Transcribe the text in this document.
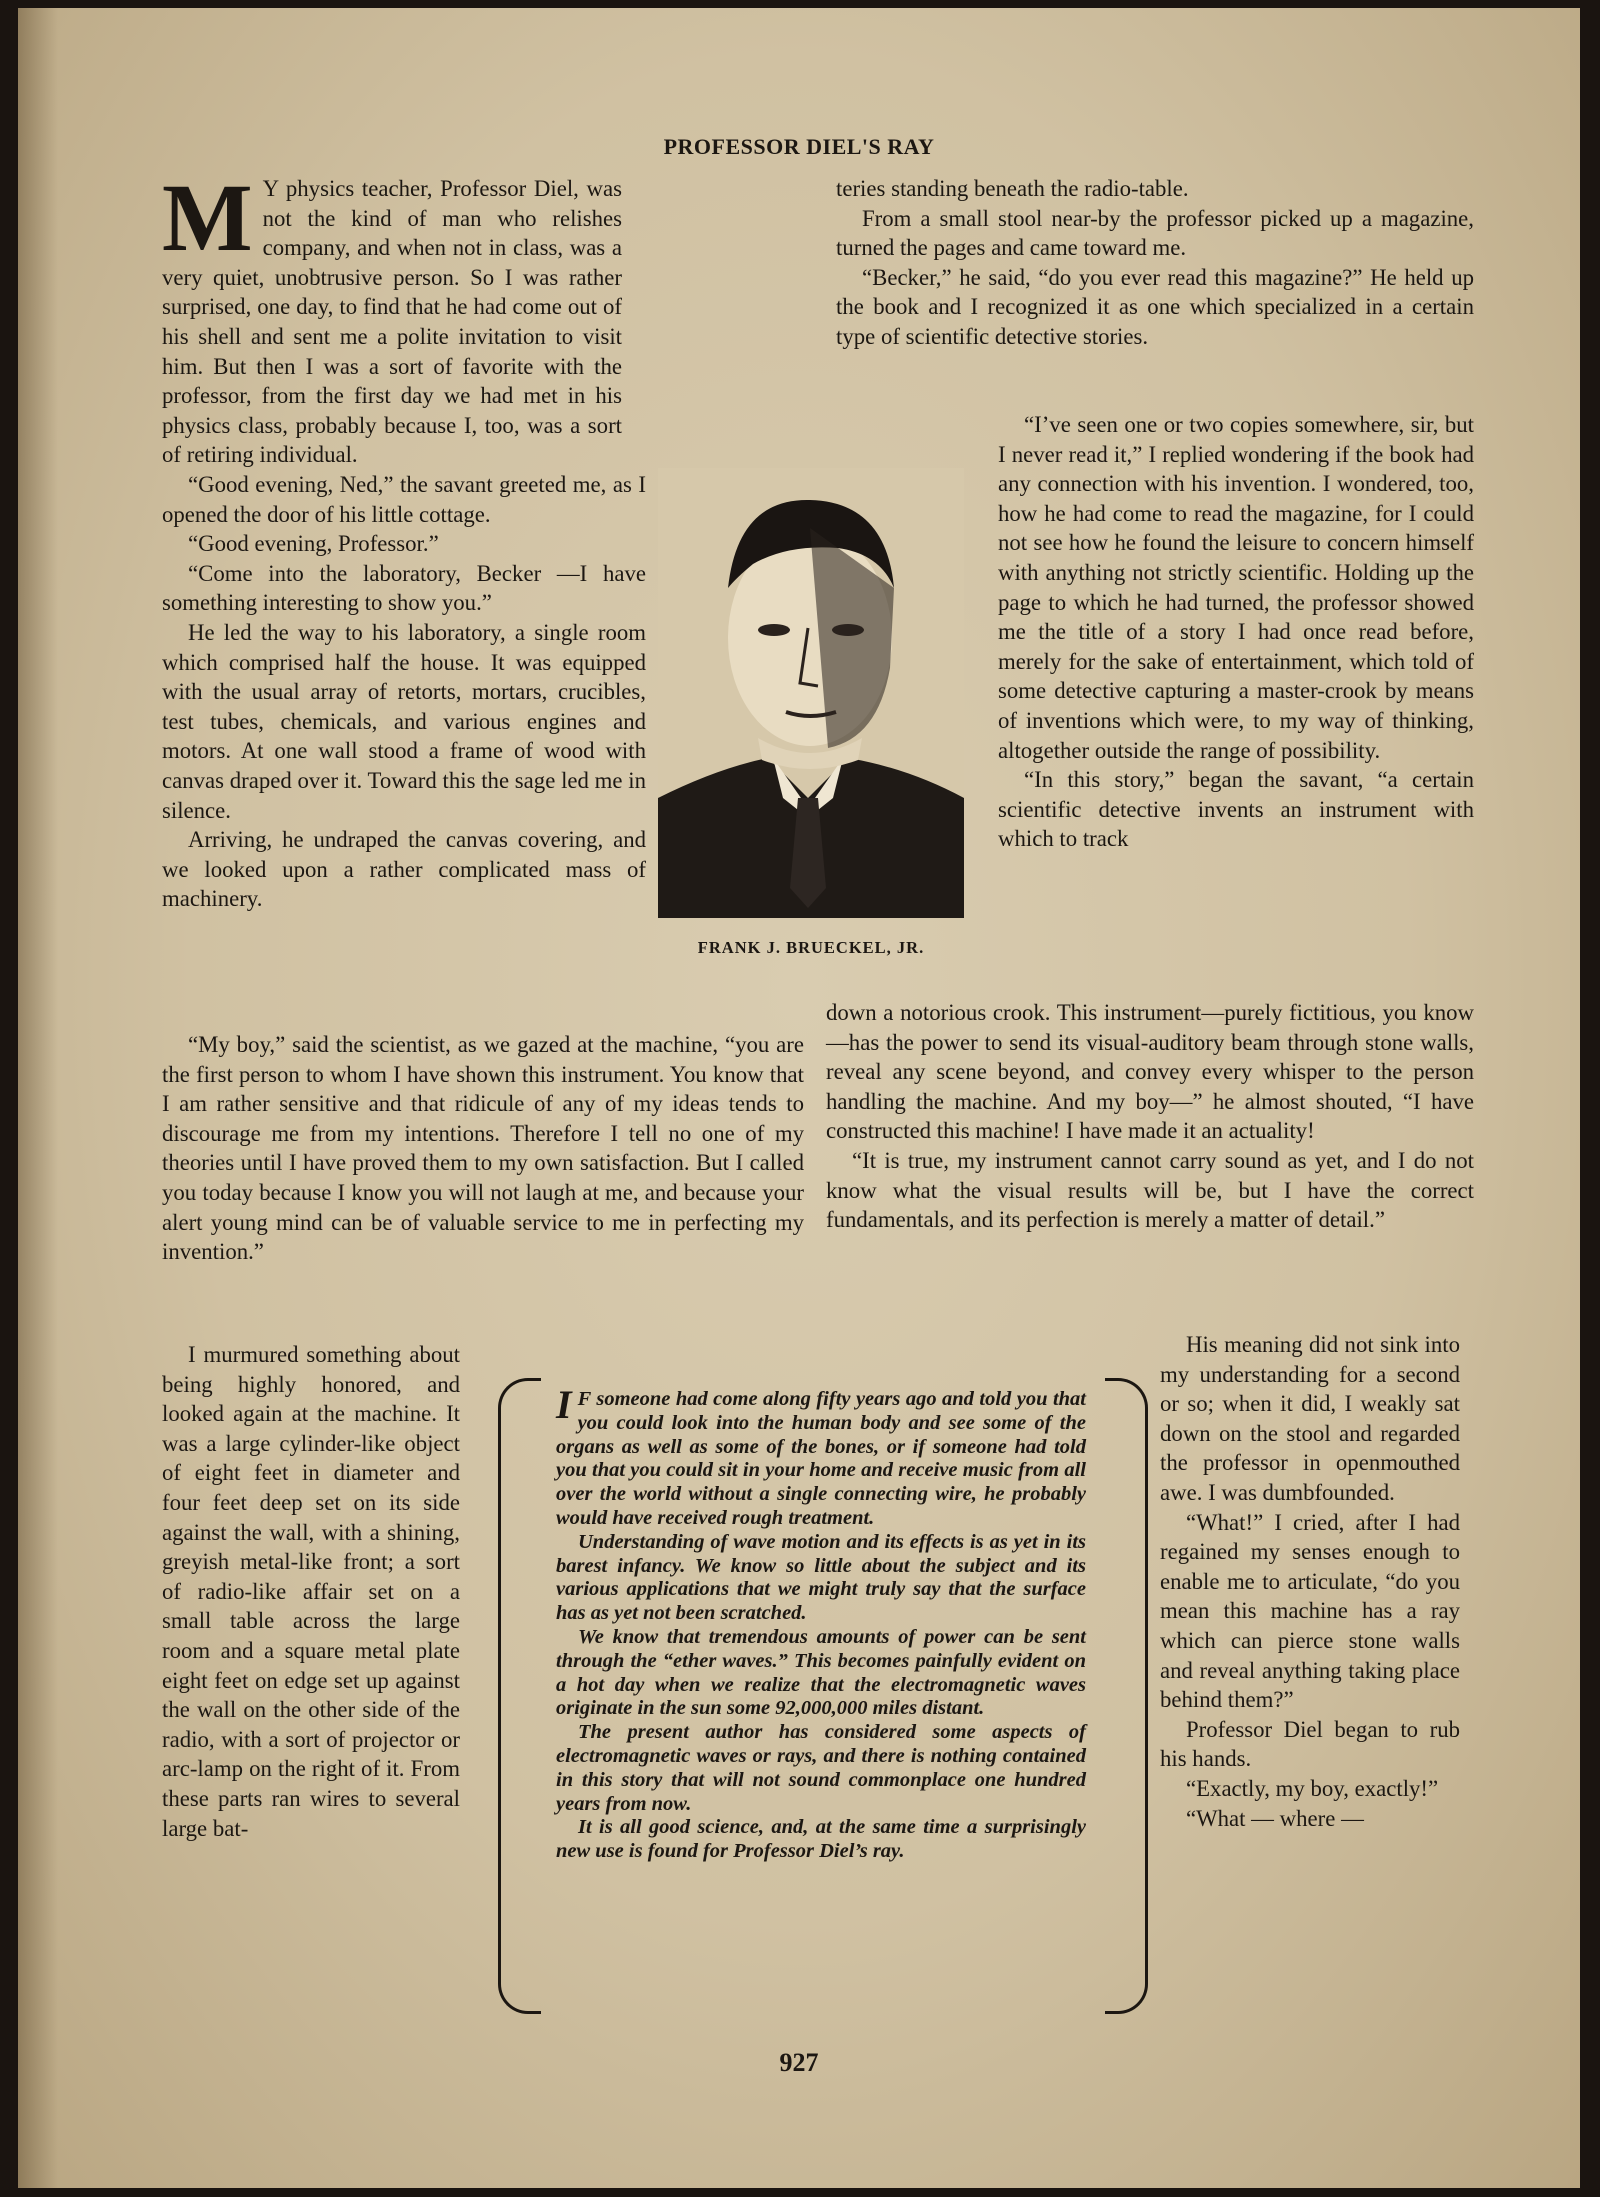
PROFESSOR DIEL'S RAY

M Y physics teacher, Professor Diel, was not the kind of man who relishes company, and when not in class, was a very quiet, unobtrusive person. So I was rather surprised, one day, to find that he had come out of his shell and sent me a polite invitation to visit him. But then I was a sort of favorite with the professor, from the first day we had met in his physics class, probably because I, too, was a sort of retiring individual.

“Good evening, Ned,” the savant greeted me, as I opened the door of his little cottage.

“Good evening, Professor.”

“Come into the laboratory, Becker —I have something interesting to show you.”

He led the way to his laboratory, a single room which comprised half the house. It was equipped with the usual array of retorts, mortars, crucibles, test tubes, chemicals, and various engines and motors. At one wall stood a frame of wood with canvas draped over it. Toward this the sage led me in silence.

Arriving, he undraped the canvas covering, and we looked upon a rather complicated mass of machinery.

FRANK J. BRUECKEL, JR.

“My boy,” said the scientist, as we gazed at the machine, “you are the first person to whom I have shown this instrument. You know that I am rather sensitive and that ridicule of any of my ideas tends to discourage me from my intentions. Therefore I tell no one of my theories until I have proved them to my own satisfaction. But I called you today because I know you will not laugh at me, and because your alert young mind can be of valuable service to me in perfecting my invention.”

I murmured something about being highly honored, and looked again at the machine. It was a large cylinder-like object of eight feet in diameter and four feet deep set on its side against the wall, with a shining, greyish metal-like front; a sort of radio-like affair set on a small table across the large room and a square metal plate eight feet on edge set up against the wall on the other side of the radio, with a sort of projector or arc-lamp on the right of it. From these parts ran wires to several large bat-

teries standing beneath the radio-table.

From a small stool near-by the professor picked up a magazine, turned the pages and came toward me.

“Becker,” he said, “do you ever read this magazine?” He held up the book and I recognized it as one which specialized in a certain type of scientific detective stories.

“I’ve seen one or two copies somewhere, sir, but I never read it,” I replied wondering if the book had any connection with his invention. I wondered, too, how he had come to read the magazine, for I could not see how he found the leisure to concern himself with anything not strictly scientific. Holding up the page to which he had turned, the professor showed me the title of a story I had once read before, merely for the sake of entertainment, which told of some detective capturing a master-crook by means of inventions which were, to my way of thinking, altogether outside the range of possibility.

“In this story,” began the savant, “a certain scientific detective invents an instrument with which to track

down a notorious crook. This instrument—purely fictitious, you know—has the power to send its visual-auditory beam through stone walls, reveal any scene beyond, and convey every whisper to the person handling the machine. And my boy—” he almost shouted, “I have constructed this machine! I have made it an actuality!

“It is true, my instrument cannot carry sound as yet, and I do not know what the visual results will be, but I have the correct fundamentals, and its perfection is merely a matter of detail.”

His meaning did not sink into my understanding for a second or so; when it did, I weakly sat down on the stool and regarded the professor in openmouthed awe. I was dumbfounded.

“What!” I cried, after I had regained my senses enough to enable me to articulate, “do you mean this machine has a ray which can pierce stone walls and reveal anything taking place behind them?”

Professor Diel began to rub his hands.

“Exactly, my boy, exactly!”

“What — where —

I F someone had come along fifty years ago and told you that you could look into the human body and see some of the organs as well as some of the bones, or if someone had told you that you could sit in your home and receive music from all over the world without a single connecting wire, he probably would have received rough treatment.

Understanding of wave motion and its effects is as yet in its barest infancy. We know so little about the subject and its various applications that we might truly say that the surface has as yet not been scratched.

We know that tremendous amounts of power can be sent through the “ether waves.” This becomes painfully evident on a hot day when we realize that the electromagnetic waves originate in the sun some 92,000,000 miles distant.

The present author has considered some aspects of electromagnetic waves or rays, and there is nothing contained in this story that will not sound commonplace one hundred years from now.

It is all good science, and, at the same time a surprisingly new use is found for Professor Diel’s ray.

927
